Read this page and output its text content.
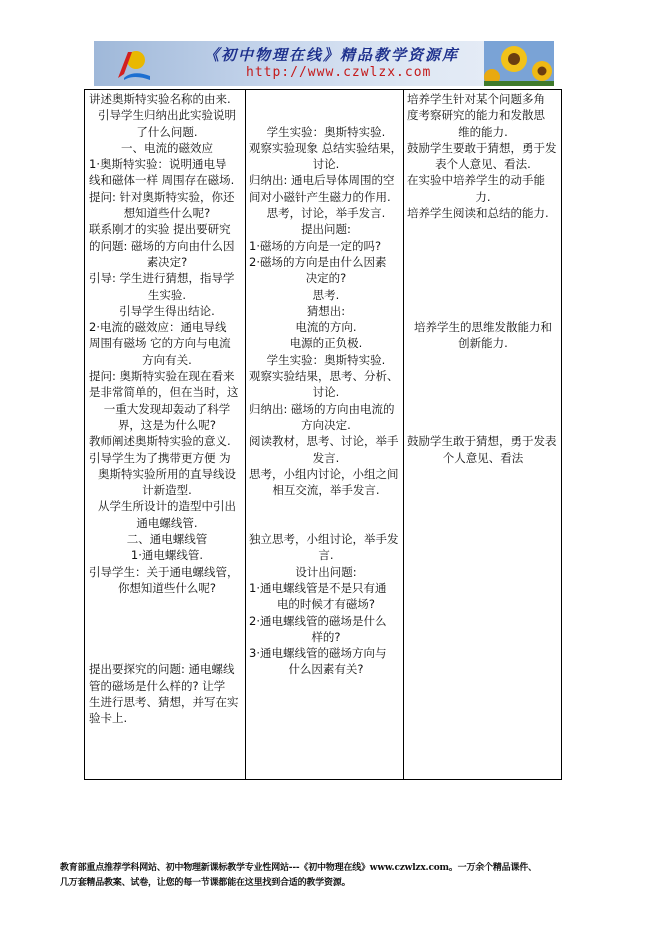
《初中物理在线》精品教学资源库
http://www.czwlzx.com
讲述奥斯特实验名称的由来.
引导学生归纳出此实验说明
了什么问题.
一、电流的磁效应
1·奥斯特实验：说明通电导
线和磁体一样 周围存在磁场.
提问: 针对奥斯特实验，你还
想知道些什么呢?
联系刚才的实验 提出要研究
的问题: 磁场的方向由什么因
素决定?
引导: 学生进行猜想，指导学
生实验.
引导学生得出结论.
2·电流的磁效应：通电导线
周围有磁场 它的方向与电流
方向有关.
提问: 奥斯特实验在现在看来
是非常简单的，但在当时，这
一重大发现却轰动了科学
界，这是为什么呢?
教师阐述奥斯特实验的意义.
引导学生为了携带更方便 为
奥斯特实验所用的直导线设
计新造型.
从学生所设计的造型中引出
通电螺线管.
二、通电螺线管
1·通电螺线管.
引导学生：关于通电螺线管，
你想知道些什么呢?
提出要探究的问题: 通电螺线
管的磁场是什么样的? 让学
生进行思考、猜想，并写在实
验卡上.
学生实验：奥斯特实验.
观察实验现象 总结实验结果，
讨论.
归纳出: 通电后导体周围的空
间对小磁针产生磁力的作用.
思考，讨论，举手发言.
提出问题:
1·磁场的方向是一定的吗?
2·磁场的方向是由什么因素
决定的?
思考.
猜想出:
电流的方向.
电源的正负极.
学生实验：奥斯特实验.
观察实验结果，思考、分析、
讨论.
归纳出: 磁场的方向由电流的
方向决定.
阅读教材，思考、讨论，举手
发言.
思考，小组内讨论，小组之间
相互交流，举手发言.
独立思考，小组讨论，举手发
言.
设计出问题:
1·通电螺线管是不是只有通
电的时候才有磁场?
2·通电螺线管的磁场是什么
样的?
3·通电螺线管的磁场方向与
什么因素有关?
培养学生针对某个问题多角
度考察研究的能力和发散思
维的能力.
鼓励学生要敢于猜想，勇于发
表个人意见、看法.
在实验中培养学生的动手能
力.
培养学生阅读和总结的能力.
培养学生的思维发散能力和
创新能力.
鼓励学生敢于猜想，勇于发表
个人意见、看法
教育部重点推荐学科网站、初中物理新课标教学专业性网站---《初中物理在线》www.czwlzx.com。一万余个精品课件、
几万套精品教案、试卷，让您的每一节课都能在这里找到合适的教学资源。
